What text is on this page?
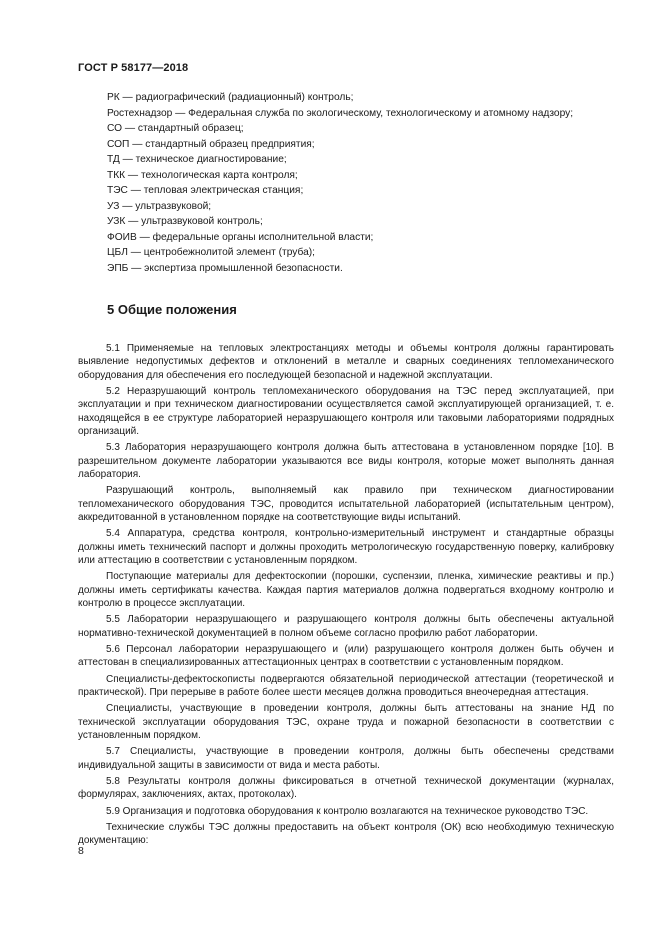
ГОСТ Р 58177—2018
РК — радиографический (радиационный) контроль;
Ростехнадзор — Федеральная служба по экологическому, технологическому и атомному надзору;
СО — стандартный образец;
СОП — стандартный образец предприятия;
ТД — техническое диагностирование;
ТКК — технологическая карта контроля;
ТЭС — тепловая электрическая станция;
УЗ — ультразвуковой;
УЗК — ультразвуковой контроль;
ФОИВ — федеральные органы исполнительной власти;
ЦБЛ — центробежнолитой элемент (труба);
ЭПБ — экспертиза промышленной безопасности.
5 Общие положения

5.1 Применяемые на тепловых электростанциях методы и объемы контроля должны гарантировать выявление недопустимых дефектов и отклонений в металле и сварных соединениях тепломеханического оборудования для обеспечения его последующей безопасной и надежной эксплуатации.

5.2 Неразрушающий контроль тепломеханического оборудования на ТЭС перед эксплуатацией, при эксплуатации и при техническом диагностировании осуществляется самой эксплуатирующей организацией, т. е. находящейся в ее структуре лабораторией неразрушающего контроля или таковыми лабораториями подрядных организаций.

5.3 Лаборатория неразрушающего контроля должна быть аттестована в установленном порядке [10]. В разрешительном документе лаборатории указываются все виды контроля, которые может выполнять данная лаборатория.

Разрушающий контроль, выполняемый как правило при техническом диагностировании тепломеханического оборудования ТЭС, проводится испытательной лабораторией (испытательным центром), аккредитованной в установленном порядке на соответствующие виды испытаний.

5.4 Аппаратура, средства контроля, контрольно-измерительный инструмент и стандартные образцы должны иметь технический паспорт и должны проходить метрологическую государственную поверку, калибровку или аттестацию в соответствии с установленным порядком.

Поступающие материалы для дефектоскопии (порошки, суспензии, пленка, химические реактивы и пр.) должны иметь сертификаты качества. Каждая партия материалов должна подвергаться входному контролю и контролю в процессе эксплуатации.

5.5 Лаборатории неразрушающего и разрушающего контроля должны быть обеспечены актуальной нормативно-технической документацией в полном объеме согласно профилю работ лаборатории.

5.6 Персонал лаборатории неразрушающего и (или) разрушающего контроля должен быть обучен и аттестован в специализированных аттестационных центрах в соответствии с установленным порядком.

Специалисты-дефектоскописты подвергаются обязательной периодической аттестации (теоретической и практической). При перерыве в работе более шести месяцев должна проводиться внеочередная аттестация.

Специалисты, участвующие в проведении контроля, должны быть аттестованы на знание НД по технической эксплуатации оборудования ТЭС, охране труда и пожарной безопасности в соответствии с установленным порядком.

5.7 Специалисты, участвующие в проведении контроля, должны быть обеспечены средствами индивидуальной защиты в зависимости от вида и места работы.

5.8 Результаты контроля должны фиксироваться в отчетной технической документации (журналах, формулярах, заключениях, актах, протоколах).

5.9 Организация и подготовка оборудования к контролю возлагаются на техническое руководство ТЭС.

Технические службы ТЭС должны предоставить на объект контроля (ОК) всю необходимую техническую документацию:

8
